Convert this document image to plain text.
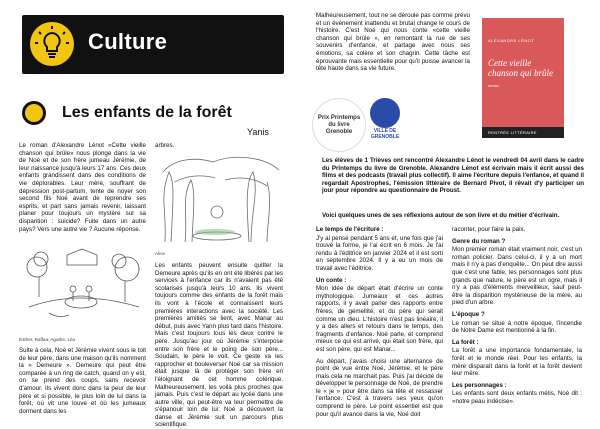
Culture
Les enfants de la forêt
Yanis

Le roman d'Alexandre Lénot «Cette vieille chanson qui brûle» nous plonge dans la vie de Noé et de son frère jumeau Jérémie, de leur naissance jusqu'à leurs 17 ans. Ces deux enfants grandissent dans des conditions de vie déplorables. Leur mère, souffrant de dépression post-partum, tente de noyer son second fils Noé avant de reprendre ses esprits, et part sans jamais revenir, laissant planer pour toujours un mystère sur sa disparition : suicide? Fuite dans un autre pays? Vers une autre vie ? Aucune réponse.

Esther, Raffaa, Agathe, Léa

Suite à cela, Noé et Jérémie vivent sous le toit de leur père, dans une maison qu'ils nomment la « Demeure ». Demeure qui peut être comparée à un ring de catch, quand on y est, on se prend des coups, sans recevoir d'amour. Ils vivent donc dans la peur de leur père et si possible, le plus loin de lui dans la forêt, où vit une louve et où les jumeaux dorment dans les

arbres.

Alice

Les enfants peuvent ensuite quitter la Demeure après qu'ils en ont été libérés par les services à l'enfance car ils n'avaient pas été scolarisés jusqu'à leurs 10 ans. Ils vivent toujours comme des enfants de la forêt mais ils vont à l'école et connaissent leurs premières interactions avec la société. Les premières amitiés se lient, avec Manar au début, puis avec Yann plus tard dans l'histoire. Mais c'est toujours tous les deux contre le père. Jusqu'au jour où Jérémie s'interpose entre son frère et le poing de son père... Soudain, le père le voit. Ce geste va les rapprocher et bouleverser Noé car sa mission était jusque là de protéger son frère en l'éloignant de cet homme colérique. Malheureusement, les voilà plus proches que jamais. Puis c'est le départ au lycée dans une autre ville, qui peut-être va leur permettre de s'épanouir loin de lui: Noé a découvert la danse et Jérémie suit un parcours plus scientifique.

Malheureusement, tout ne se déroule pas comme prévu et un événement inattendu et brutal change le cours de l'histoire. C'est Noé qui nous conte «cette vieille chanson qui brûle », en remontant la rue de ses souvenirs d'enfance, et partage avec nous ses émotions, sa colère et son chagrin. Cette tâche est éprouvante mais essentielle pour qu'il puisse avancer la tête haute dans sa vie future.

ALEXANDRE LÉNOT
Cette vieille chanson qui brûle
roman
RENTRÉE LITTÉRAIRE
Prix Printemps du livre Grenoble	VILLE DE GRENOBLE

Les élèves de 1 Trièves ont rencontré Alexandre Lénot le vendredi 04 avril dans le cadre du Printemps du livre de Grenoble. Alexandre Lénot est écrivain mais il écrit aussi des films et des podcasts (travail plus collectif). Il aime l'écriture depuis l'enfance, et quand il regardait Apostrophes, l'émission littéraire de Bernard Pivot, il rêvait d'y participer un jour pour répondre au questionnaire de Proust.

Voici quelques unes de ses réflexions autour de son livre et du métier d'écrivain.

Le temps de l'écriture :

J'y ai pensé pendant 5 ans et, une fois que j'ai trouvé la forme, je l'ai écrit en 6 mois. Je l'ai rendu à l'éditrice en janvier 2024 et il est sorti en septembre 2024. Il y a eu un mois de travail avec l'éditrice.

Un conte :

Mon idée de départ était d'écrire un conte mythologique. Jumeaux et ces autres rapports, il y avait parler des rapports entre frères, de gémellité, et du père qui serait comme un dieu. L'histoire n'est pas linéaire, il y a des allers et retours dans le temps, des fragments d'enfance. Noé parle, et comprend mieux ce qui est arrivé, qui était son frère, qui est son père, qui est Manar...

Au départ, j'avais choisi une alternance de point de vue entre Noé, Jérémie, et le père mais cela ne marchait pas. Puis j'ai décidé de développer le personnage de Noé, de prendre le « je » pour être dans sa tête et ressasser l'enfance. C'est à travers ses yeux qu'on comprend le père. Le point essentiel est que pour qu'il avance dans la vie, Noé doit

raconter, pour faire la paix.

Genre du roman ?

Mon premier roman était vraiment noir, c'est un roman policier. Dans celui-ci, il y a un mort mais il n'y a pas d'enquête... On peut dire aussi que c'est une fable, les personnages sont plus grands que nature, le père est un ogre, mais il n'y a pas d'éléments merveilleux, sauf peut-être la disparition mystérieuse de la mère, au pied d'un arbre.

L'époque ?

Le roman se situe à notre époque, l'incendie de Notre Dame est mentionné à la fin.

La forêt :

La forêt a une importance fondamentale, la forêt et le monde réel. Pour les enfants, la mère disparaît dans la forêt et la forêt devient leur mère.

Les personnages :

Les enfants sont deux enfants métis, Noé dit : «notre peau indécise».
